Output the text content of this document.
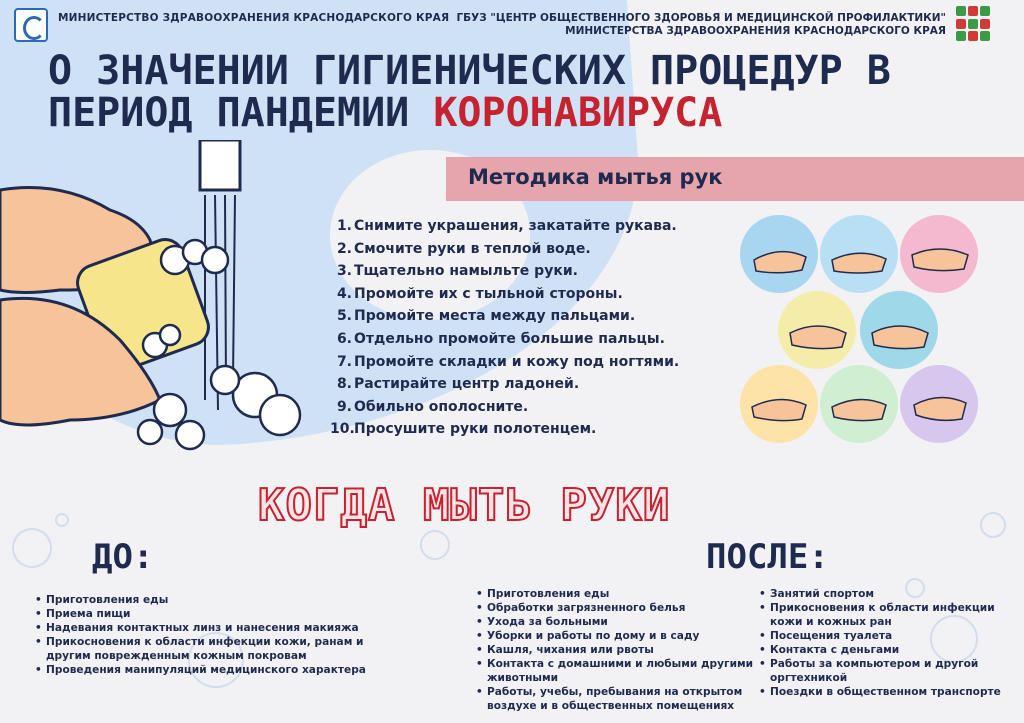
МИНИСТЕРСТВО ЗДРАВООХРАНЕНИЯ КРАСНОДАРСКОГО КРАЯ ГБУЗ "ЦЕНТР ОБЩЕСТВЕННОГО ЗДОРОВЬЯ И МЕДИЦИНСКОЙ ПРОФИЛАКТИКИ"
МИНИСТЕРСТВА ЗДРАВООХРАНЕНИЯ КРАСНОДАРСКОГО КРАЯ
О ЗНАЧЕНИИ ГИГИЕНИЧЕСКИХ ПРОЦЕДУР В ПЕРИОД ПАНДЕМИИ КОРОНАВИРУСА
Методика мытья рук
1. Снимите украшения, закатайте рукава.
2. Смочите руки в теплой воде.
3. Тщательно намыльте руки.
4. Промойте их с тыльной стороны.
5. Промойте места между пальцами.
6. Отдельно промойте большие пальцы.
7. Промойте складки и кожу под ногтями.
8. Растирайте центр ладоней.
9. Обильно ополосните.
10. Просушите руки полотенцем.
КОГДА МЫТЬ РУКИ
ДО:	ПОСЛЕ:
• Приготовления еды
• Приема пищи
• Надевания контактных линз и нанесения макияжа
• Прикосновения к области инфекции кожи, ранам и другим поврежденным кожным покровам
• Проведения манипуляций медицинского характера
• Приготовления еды
• Обработки загрязненного белья
• Ухода за больными
• Уборки и работы по дому и в саду
• Кашля, чихания или рвоты
• Контакта с домашними и любыми другими животными
• Работы, учебы, пребывания на открытом воздухе и в общественных помещениях
• Занятий спортом
• Прикосновения к области инфекции кожи и кожных ран
• Посещения туалета
• Контакта с деньгами
• Работы за компьютером и другой оргтехникой
• Поездки в общественном транспорте
